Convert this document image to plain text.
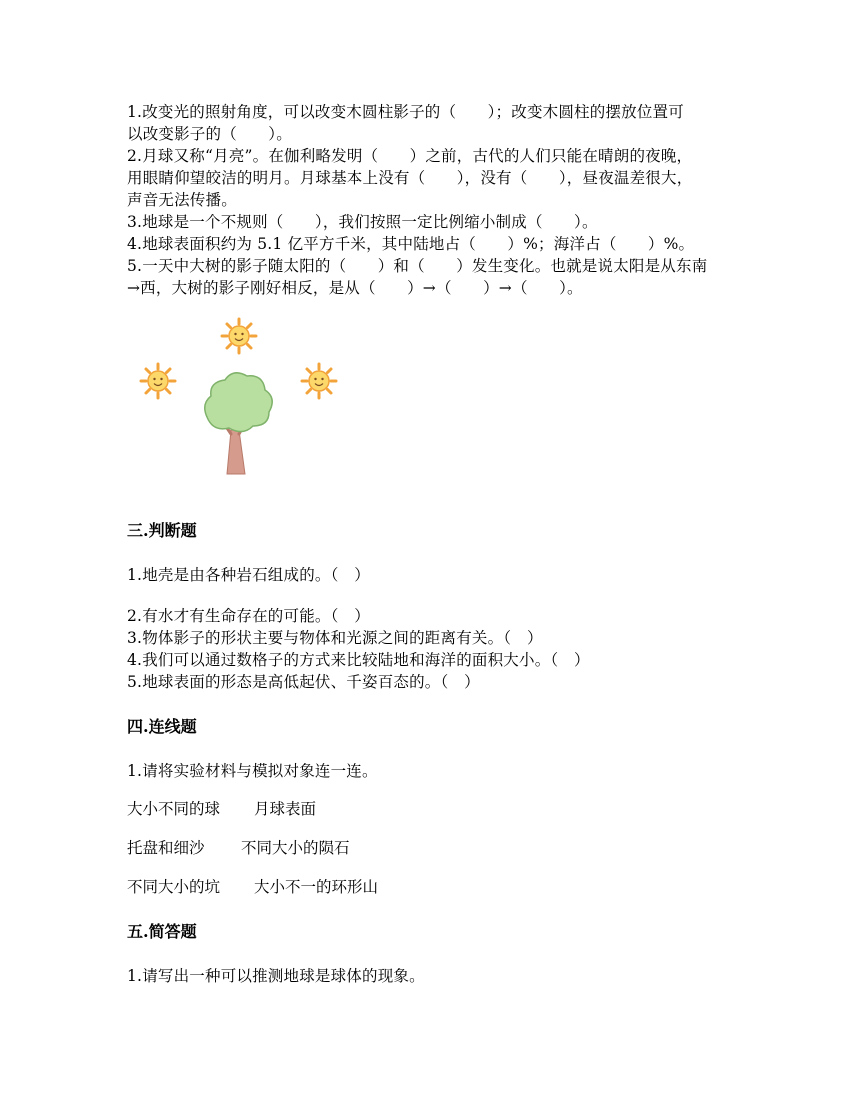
1.改变光的照射角度，可以改变木圆柱影子的（　　）；改变木圆柱的摆放位置可
以改变影子的（　　）。
2.月球又称“月亮”。在伽利略发明（　　）之前，古代的人们只能在晴朗的夜晚，
用眼睛仰望皎洁的明月。月球基本上没有（　　），没有（　　），昼夜温差很大，
声音无法传播。
3.地球是一个不规则（　　），我们按照一定比例缩小制成（　　）。
4.地球表面积约为 5.1 亿平方千米，其中陆地占（　　）%；海洋占（　　）%。
5.一天中大树的影子随太阳的（　　）和（　　）发生变化。也就是说太阳是从东南
→西，大树的影子刚好相反，是从（　　）→（　　）→（　　）。
三.判断题
1.地壳是由各种岩石组成的。（　）
2.有水才有生命存在的可能。（　）
3.物体影子的形状主要与物体和光源之间的距离有关。（　）
4.我们可以通过数格子的方式来比较陆地和海洋的面积大小。（　）
5.地球表面的形态是高低起伏、千姿百态的。（　）
四.连线题
1.请将实验材料与模拟对象连一连。
大小不同的球 月球表面
托盘和细沙 不同大小的陨石
不同大小的坑 大小不一的环形山
五.简答题
1.请写出一种可以推测地球是球体的现象。
